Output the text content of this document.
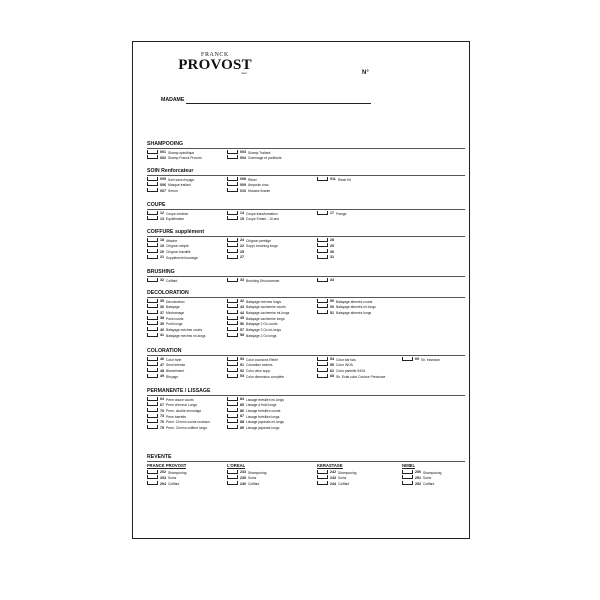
FRANCK
PROVOST
PARIS	N°
MADAME
SHAMPOOING
001 Shamp spécifique	003 Shamp Traitant
002 Shamp Franck Provost	004 Gommage et purifiante
SOIN Renforcateur
005 Soin sans rinçage	008 Rituel	011 Rituel Kit
006 Masque traitant	009 Ampoule choc
007 Sérum	010 Mousse fixante
COUPE
12 Coupe création	14 Coupe transformation	17 Frange
13 Equilibration	15 Coupe Enfant - 10 ans
COIFFURE supplément
18 Attache	24 Chignon prestige	28
19 Chignon simple	22 Suppl. brushing longs	29
20 Chignon travaillé	25	30
21 Supplément bouclage	27	31
BRUSHING
32 Coiffant	33 Brushing Découvreuse	34
DECOLORATION
35 Décoloration	42 Balayage mèches longs	50 Balayage alternés courts
36 Balayage	43 Balayage cachemire courts	00 Balayage alternés mi-longs
37 Méchamage	44 Balayage cachemire mi-longs	51 Balayage alternés longs
38 Point courts	45 Balayage cachemire longs
39 Point longs	56 Balayage 2 Oc courts
40 Balayage mèches courts	57 Balayage 2 Oc mi-longs
41 Balayage mèches mi-longs	58 Balayage 2 Oc longs
COLORATION
46 Color forte	53 Color coordons Relief	54 Color bar bas	69 Sh. essecian
47 Semi-intense	51 Coloration racines	55 Color INOA
48 Blanchiment	52 Color deux supp.	62 Color partielle INOA
49 Rinçage	53 Color dimension complète	68 Sh. Eclat color Couleur Précieuse
PERMANENTE / LISSAGE
64 Perm douce courts	84 Lissage brésilien mi-longs
67 Perm cheveux Longs	85 Lissage à froid longs
70 Perm. double enroulage	86 Lissage brésilien courts
73 Perm barrette	87 Lissage brésilien longs
76 Perm. Chrono courts rouleaux	88 Lissage japonais mi-longs
79 Perm. Chrono coiffure longs	89 Lissage japonais longs
REVENTE
FRANCK PROVOST	L'OREAL	KERASTASE	NIMEL
202 Shampooing	233 Shampooing	242 Shampooing	250 Shampooing
203 Soins	239 Soins	243 Soins	251 Soins
204 Coiffant	240 Coiffant	244 Coiffant	252 Coiffant
